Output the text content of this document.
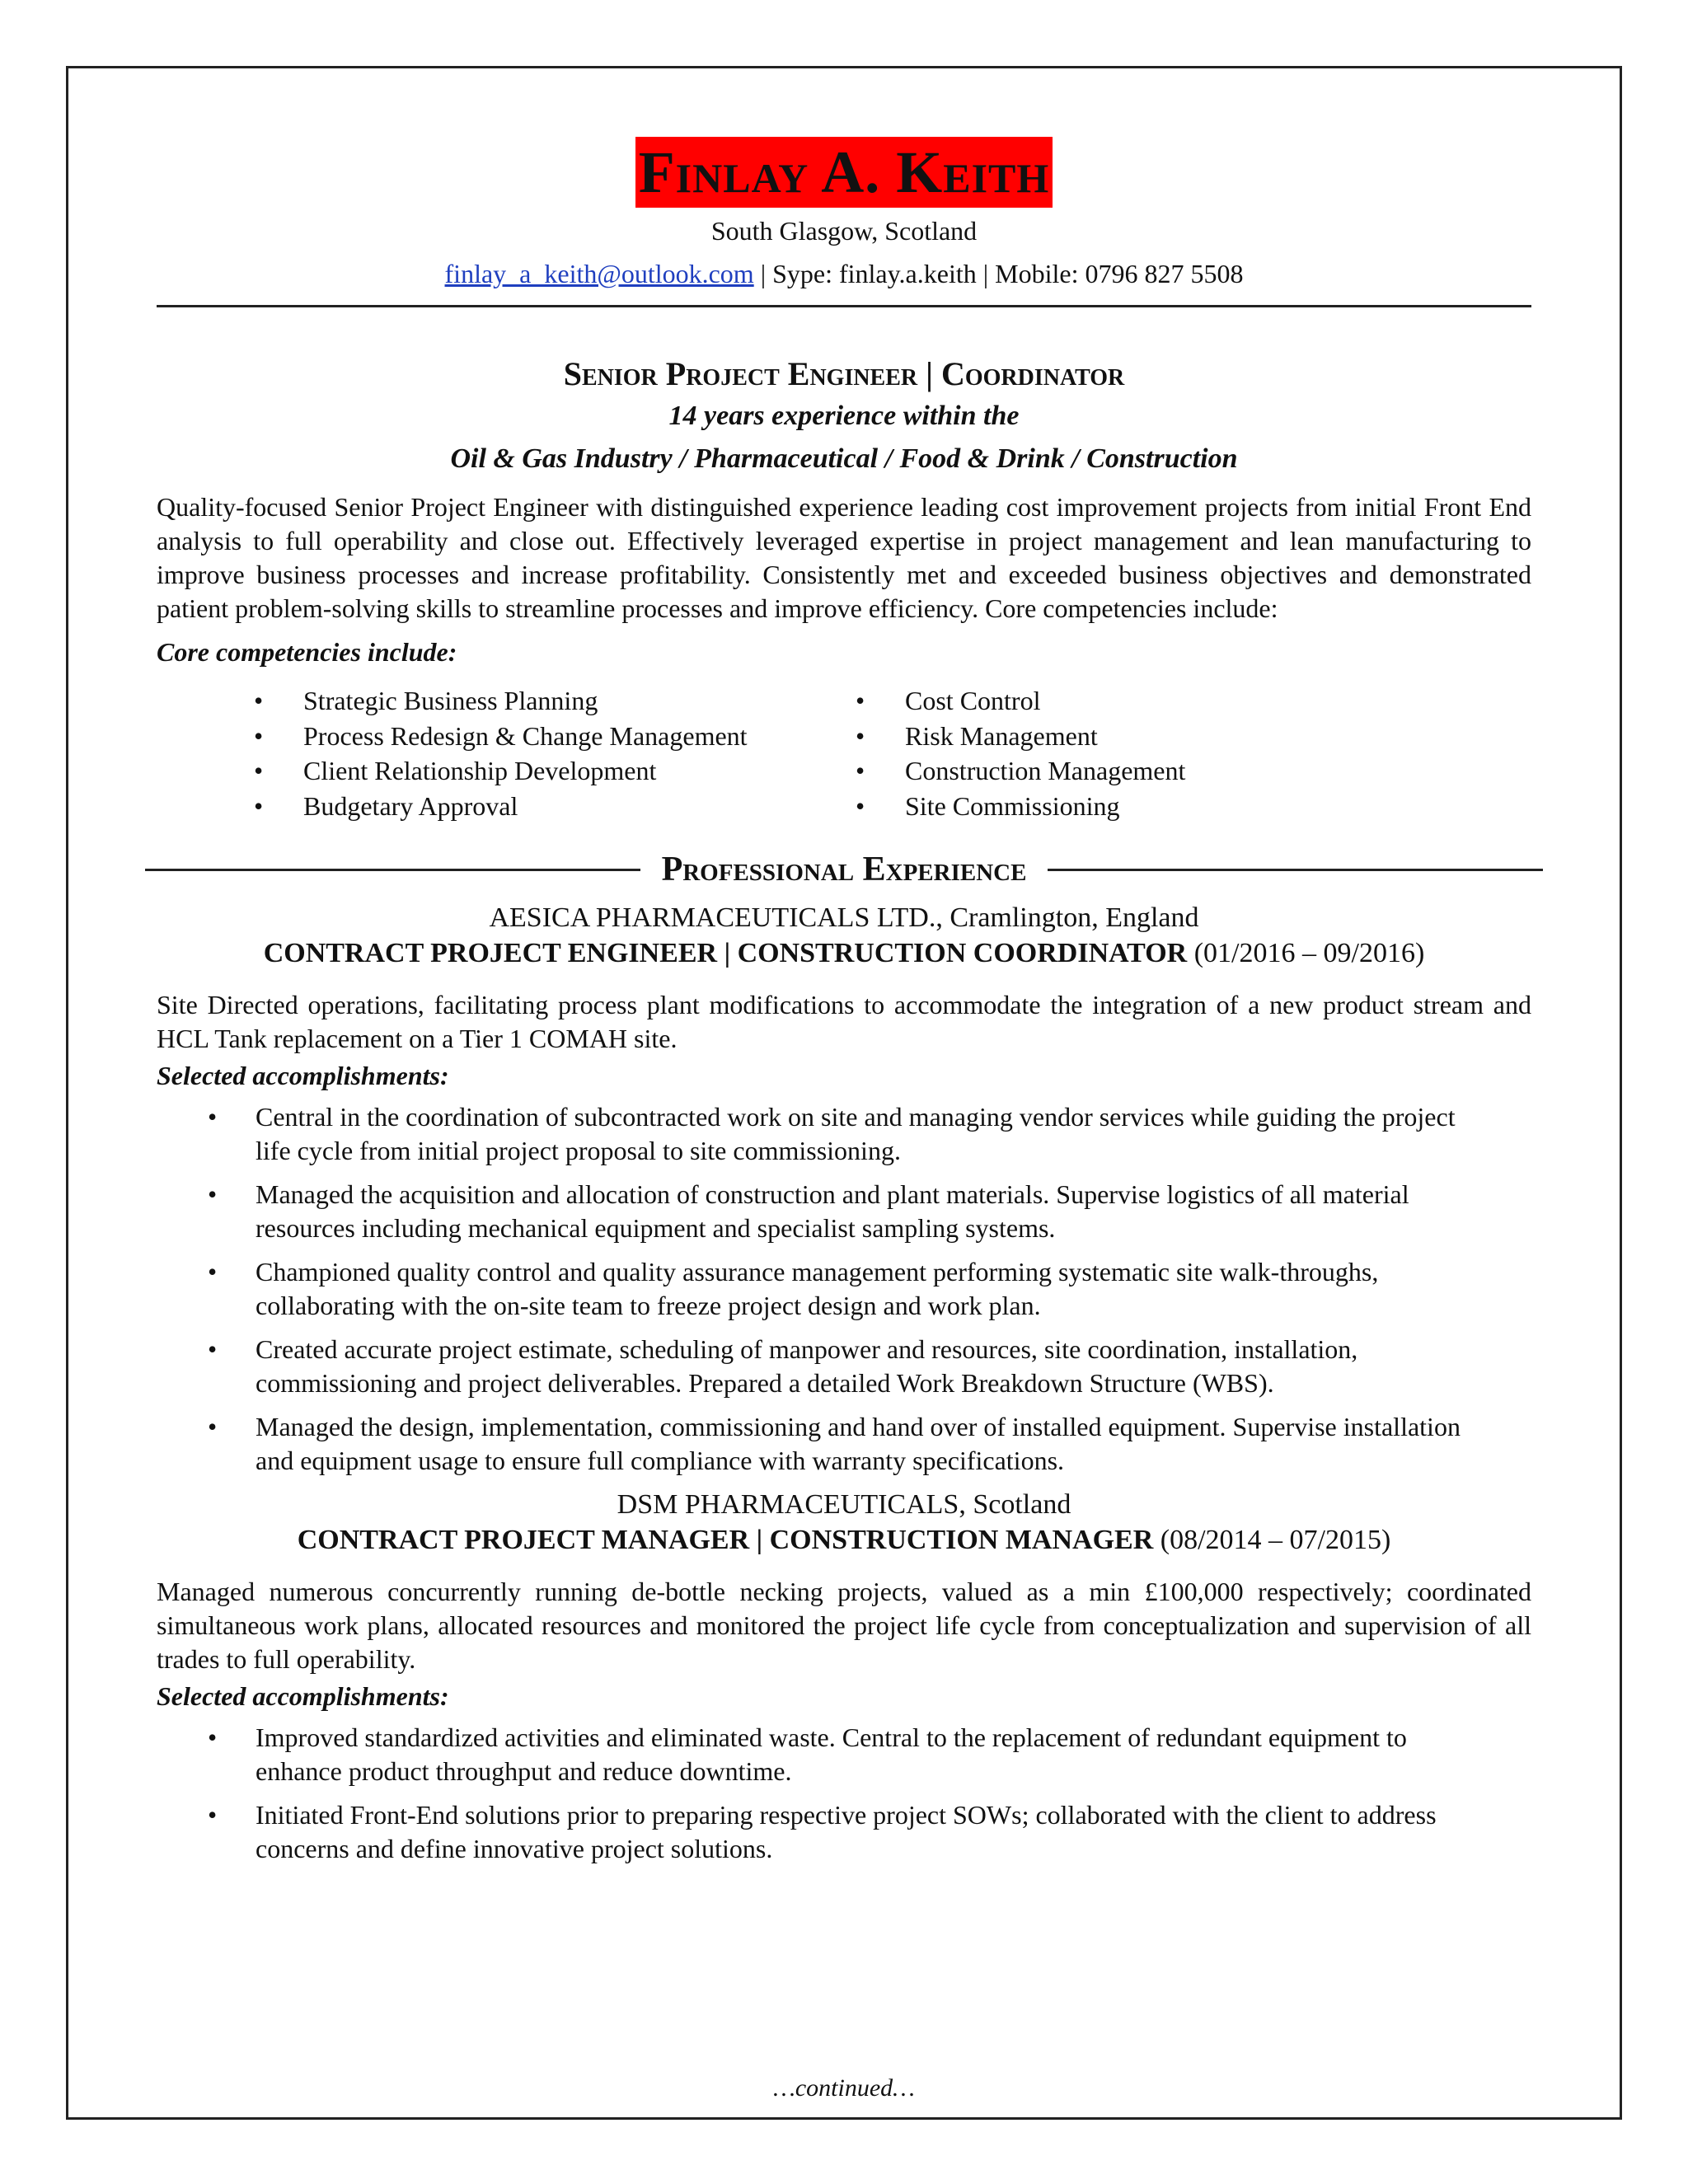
Finlay A. Keith
South Glasgow, Scotland
finlay_a_keith@outlook.com | Sype: finlay.a.keith | Mobile: 0796 827 5508
Senior Project Engineer | Coordinator
14 years experience within the
Oil & Gas Industry / Pharmaceutical / Food & Drink / Construction

Quality-focused Senior Project Engineer with distinguished experience leading cost improvement projects from initial Front End analysis to full operability and close out. Effectively leveraged expertise in project management and lean manufacturing to improve business processes and increase profitability. Consistently met and exceeded business objectives and demonstrated patient problem-solving skills to streamline processes and improve efficiency. Core competencies include:

Core competencies include:
• Strategic Business Planning
• Process Redesign & Change Management
• Client Relationship Development
• Budgetary Approval
• Cost Control
• Risk Management
• Construction Management
• Site Commissioning
Professional Experience
AESICA PHARMACEUTICALS LTD., Cramlington, England
CONTRACT PROJECT ENGINEER | CONSTRUCTION COORDINATOR (01/2016 – 09/2016)
Site Directed operations, facilitating process plant modifications to accommodate the integration of a new product stream and HCL Tank replacement on a Tier 1 COMAH site.
Selected accomplishments:
• Central in the coordination of subcontracted work on site and managing vendor services while guiding the project life cycle from initial project proposal to site commissioning.
• Managed the acquisition and allocation of construction and plant materials. Supervise logistics of all material resources including mechanical equipment and specialist sampling systems.
• Championed quality control and quality assurance management performing systematic site walk-throughs, collaborating with the on-site team to freeze project design and work plan.
• Created accurate project estimate, scheduling of manpower and resources, site coordination, installation, commissioning and project deliverables. Prepared a detailed Work Breakdown Structure (WBS).
• Managed the design, implementation, commissioning and hand over of installed equipment. Supervise installation and equipment usage to ensure full compliance with warranty specifications.
DSM PHARMACEUTICALS, Scotland
CONTRACT PROJECT MANAGER | CONSTRUCTION MANAGER (08/2014 – 07/2015)
Managed numerous concurrently running de-bottle necking projects, valued as a min £100,000 respectively; coordinated simultaneous work plans, allocated resources and monitored the project life cycle from conceptualization and supervision of all trades to full operability.
Selected accomplishments:
• Improved standardized activities and eliminated waste. Central to the replacement of redundant equipment to enhance product throughput and reduce downtime.
• Initiated Front-End solutions prior to preparing respective project SOWs; collaborated with the client to address concerns and define innovative project solutions.
…continued…
